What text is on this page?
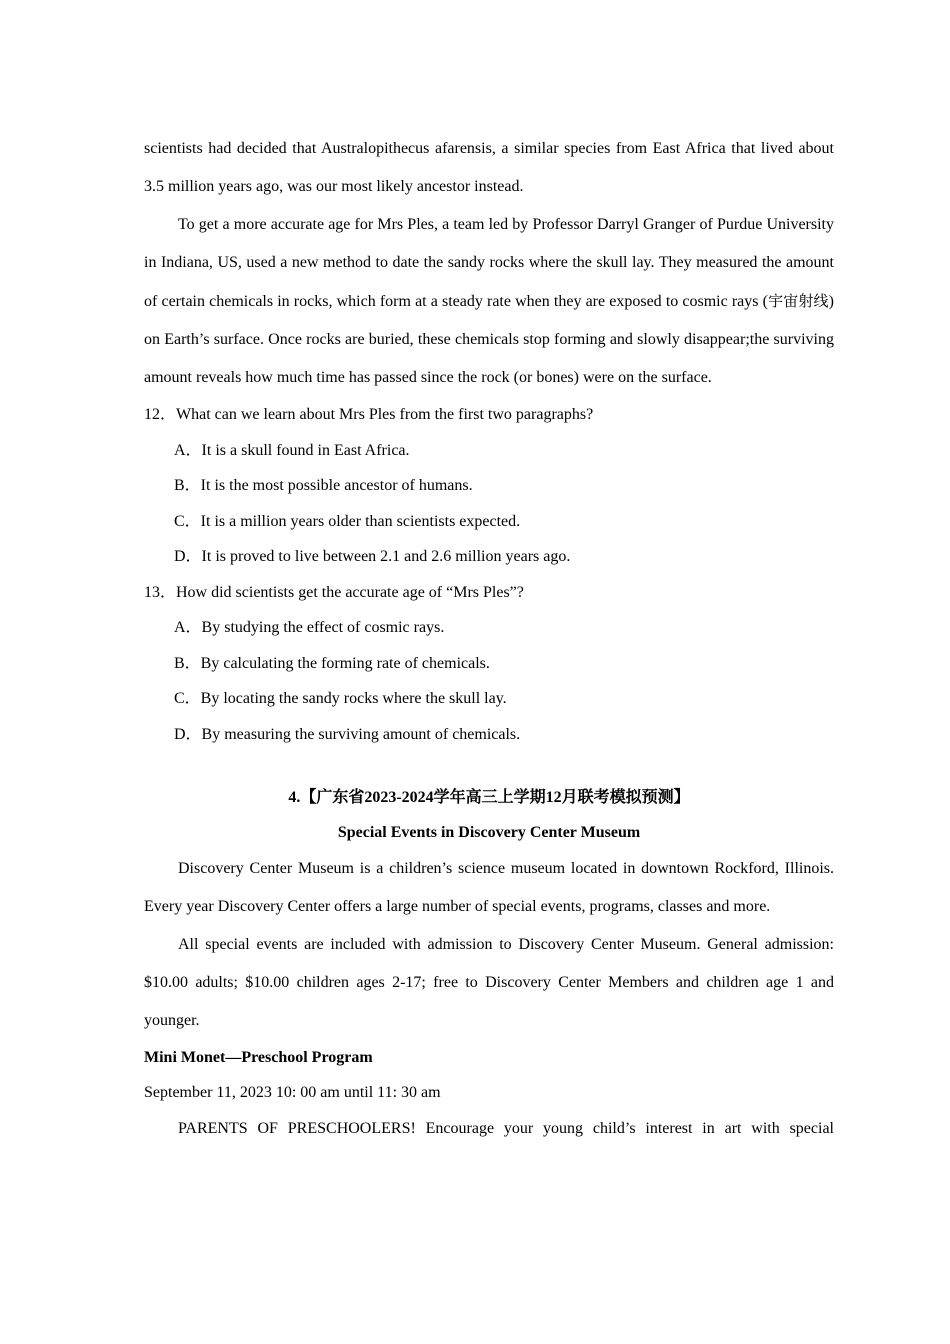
scientists had decided that Australopithecus afarensis, a similar species from East Africa that lived about 3.5 million years ago, was our most likely ancestor instead.

To get a more accurate age for Mrs Ples, a team led by Professor Darryl Granger of Purdue University in Indiana, US, used a new method to date the sandy rocks where the skull lay. They measured the amount of certain chemicals in rocks, which form at a steady rate when they are exposed to cosmic rays (宇宙射线) on Earth’s surface. Once rocks are buried, these chemicals stop forming and slowly disappear;the surviving amount reveals how much time has passed since the rock (or bones) were on the surface.

12．What can we learn about Mrs Ples from the first two paragraphs?

A．It is a skull found in East Africa.

B．It is the most possible ancestor of humans.

C．It is a million years older than scientists expected.

D．It is proved to live between 2.1 and 2.6 million years ago.

13．How did scientists get the accurate age of “Mrs Ples”?

A．By studying the effect of cosmic rays.

B．By calculating the forming rate of chemicals.

C．By locating the sandy rocks where the skull lay.

D．By measuring the surviving amount of chemicals.

4.【广东省2023-2024学年高三上学期12月联考模拟预测】

Special Events in Discovery Center Museum

Discovery Center Museum is a children’s science museum located in downtown Rockford, Illinois. Every year Discovery Center offers a large number of special events, programs, classes and more.

All special events are included with admission to Discovery Center Museum. General admission: $10.00 adults; $10.00 children ages 2-17; free to Discovery Center Members and children age 1 and younger.

Mini Monet—Preschool Program

September 11, 2023 10: 00 am until 11: 30 am

PARENTS OF PRESCHOOLERS! Encourage your young child’s interest in art with special
